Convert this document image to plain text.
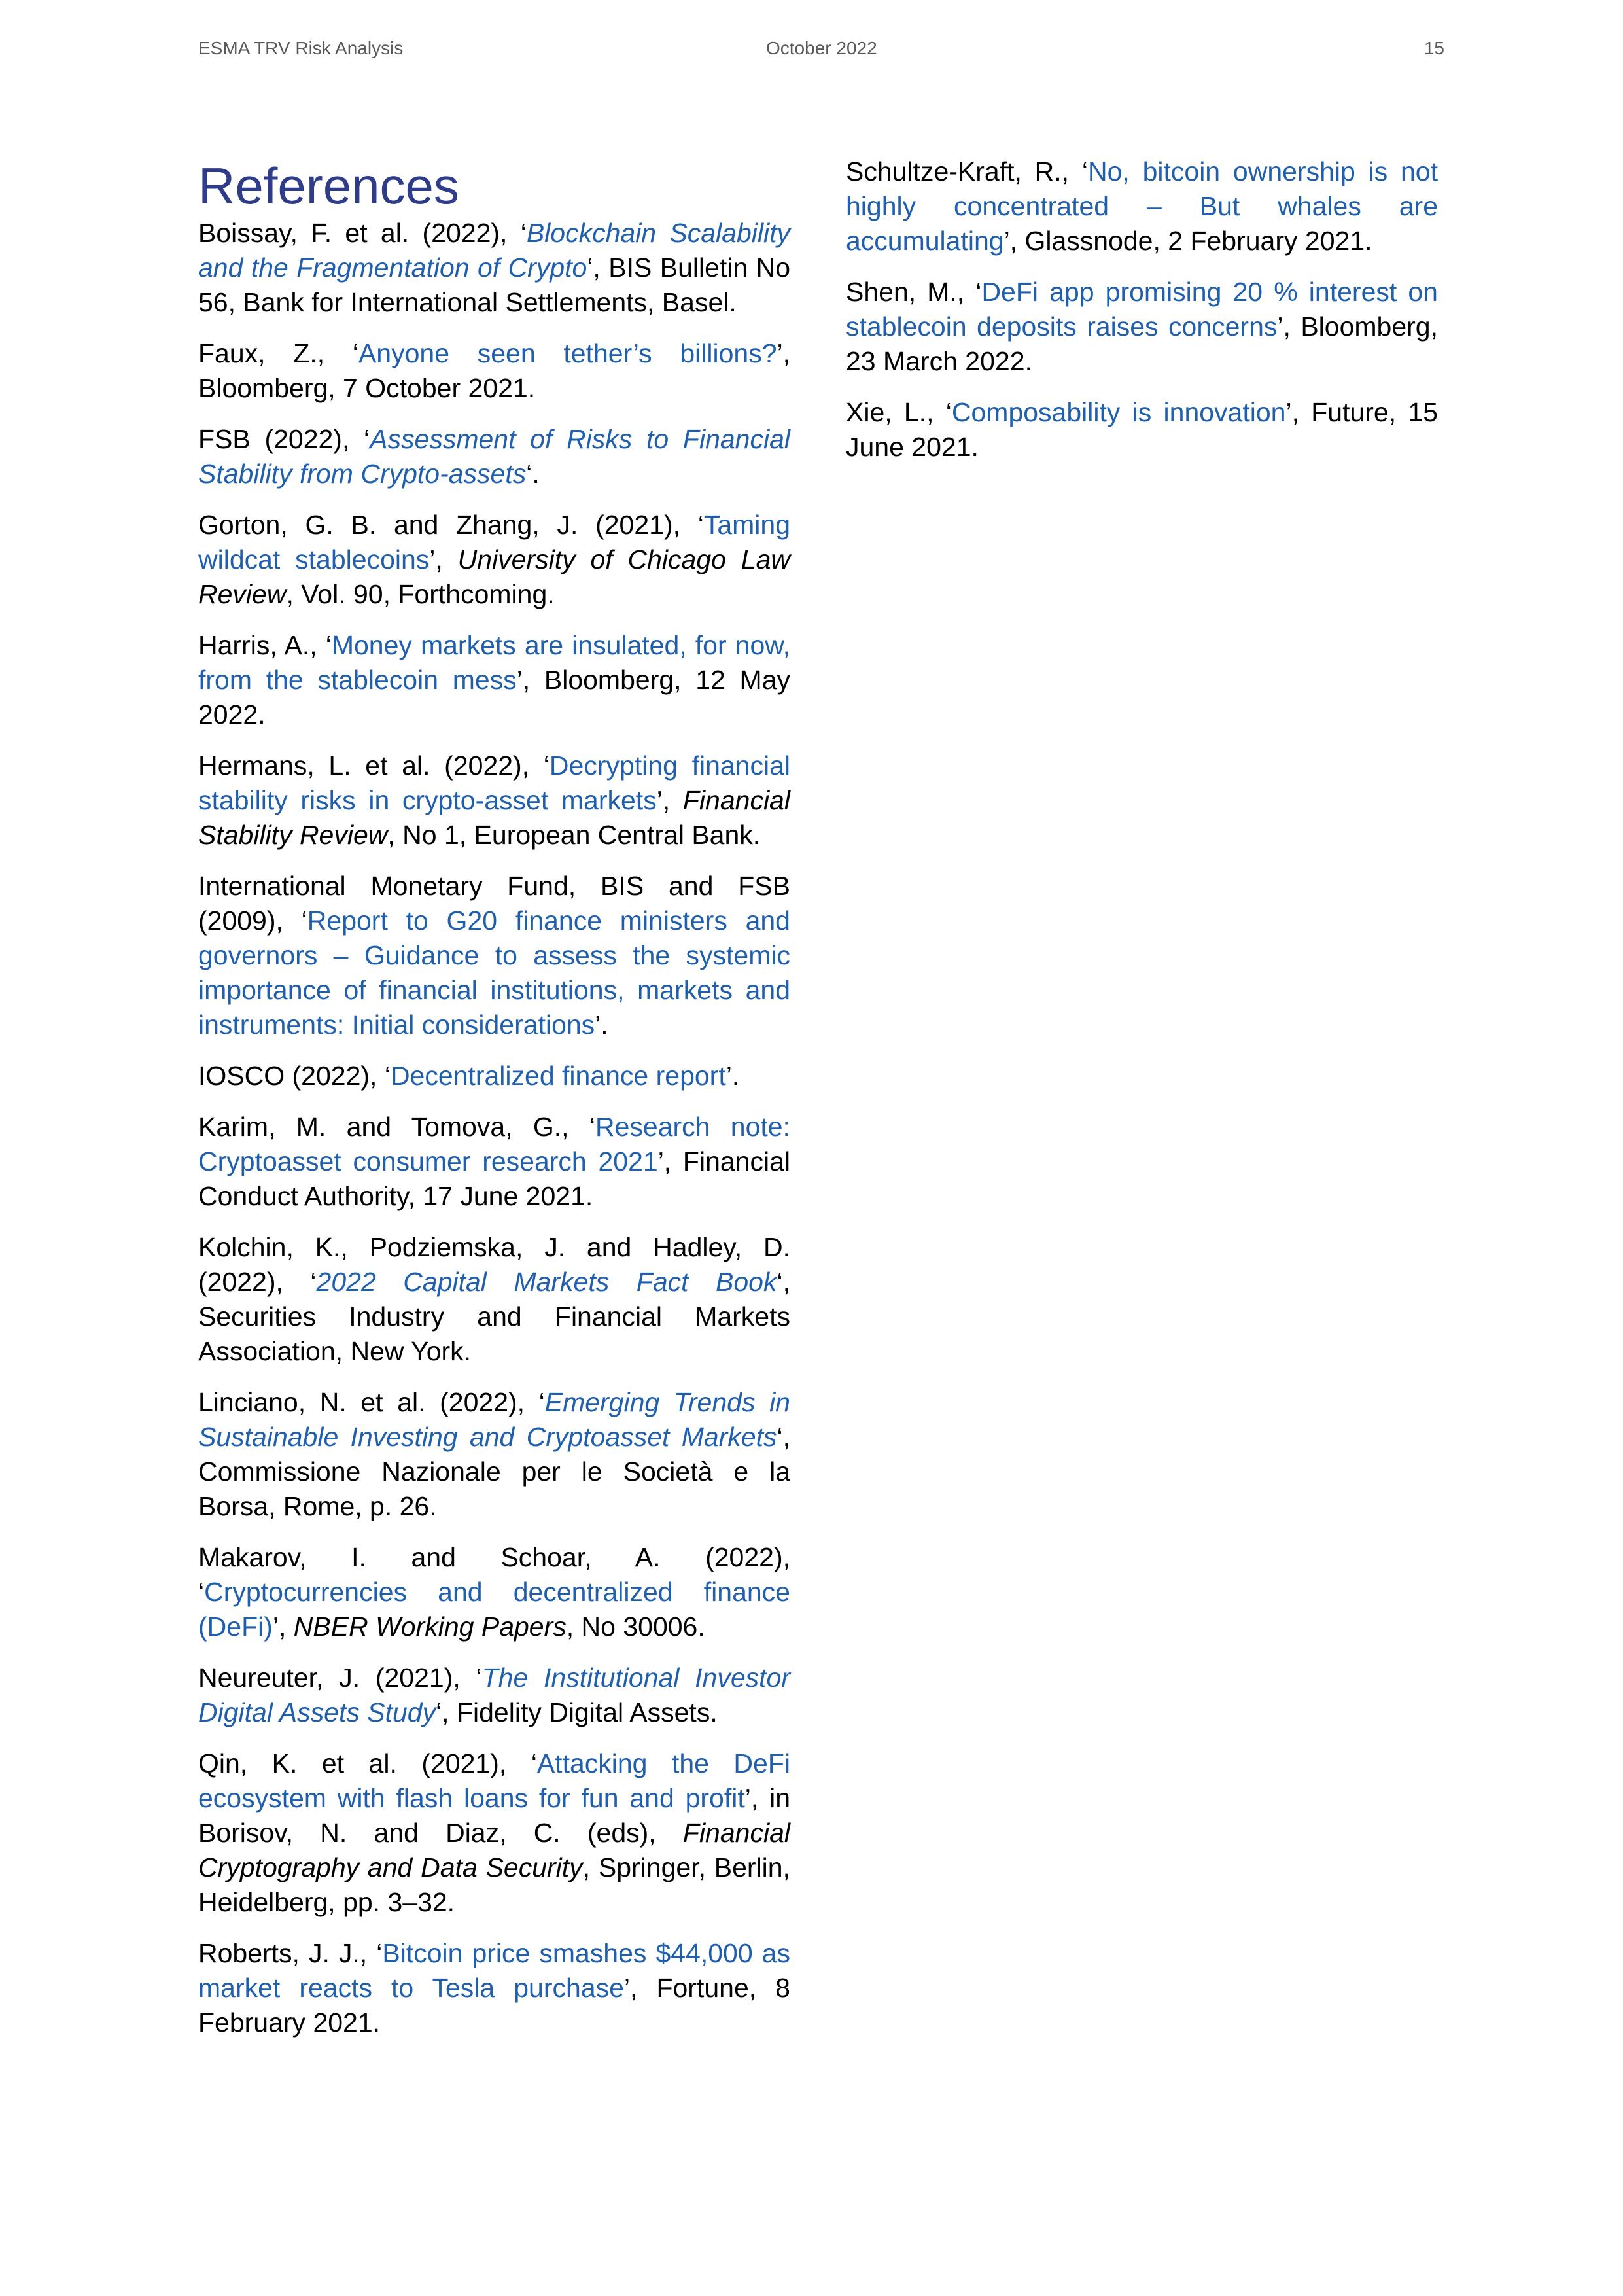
ESMA TRV Risk Analysis	October 2022	15
References

Boissay, F. et al. (2022), ‘Blockchain Scalability and the Fragmentation of Crypto‘, BIS Bulletin No 56, Bank for International Settlements, Basel.

Faux, Z., ‘Anyone seen tether’s billions?’, Bloomberg, 7 October 2021.

FSB (2022), ‘Assessment of Risks to Financial Stability from Crypto-assets‘.

Gorton, G. B. and Zhang, J. (2021), ‘Taming wildcat stablecoins’, University of Chicago Law Review, Vol. 90, Forthcoming.

Harris, A., ‘Money markets are insulated, for now, from the stablecoin mess’, Bloomberg, 12 May 2022.

Hermans, L. et al. (2022), ‘Decrypting financial stability risks in crypto-asset markets’, Financial Stability Review, No 1, European Central Bank.

International Monetary Fund, BIS and FSB (2009), ‘Report to G20 finance ministers and governors – Guidance to assess the systemic importance of financial institutions, markets and instruments: Initial considerations’.

IOSCO (2022), ‘Decentralized finance report’.

Karim, M. and Tomova, G., ‘Research note: Cryptoasset consumer research 2021’, Financial Conduct Authority, 17 June 2021.

Kolchin, K., Podziemska, J. and Hadley, D. (2022), ‘2022 Capital Markets Fact Book‘, Securities Industry and Financial Markets Association, New York.

Linciano, N. et al. (2022), ‘Emerging Trends in Sustainable Investing and Cryptoasset Markets‘, Commissione Nazionale per le Società e la Borsa, Rome, p. 26.

Makarov, I. and Schoar, A. (2022), ‘Cryptocurrencies and decentralized finance (DeFi)’, NBER Working Papers, No 30006.

Neureuter, J. (2021), ‘The Institutional Investor Digital Assets Study‘, Fidelity Digital Assets.

Qin, K. et al. (2021), ‘Attacking the DeFi ecosystem with flash loans for fun and profit’, in Borisov, N. and Diaz, C. (eds), Financial Cryptography and Data Security, Springer, Berlin, Heidelberg, pp. 3–32.

Roberts, J. J., ‘Bitcoin price smashes $44,000 as market reacts to Tesla purchase’, Fortune, 8 February 2021.

Schultze-Kraft, R., ‘No, bitcoin ownership is not highly concentrated – But whales are accumulating’, Glassnode, 2 February 2021.

Shen, M., ‘DeFi app promising 20 % interest on stablecoin deposits raises concerns’, Bloomberg, 23 March 2022.

Xie, L., ‘Composability is innovation’, Future, 15 June 2021.
